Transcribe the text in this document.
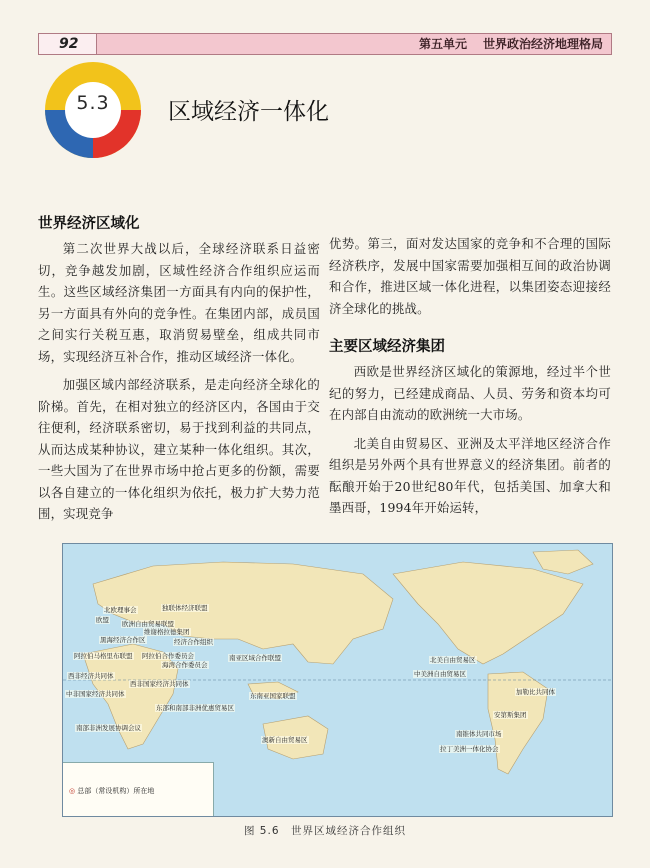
92	第五单元 世界政治经济地理格局
5.3	区域经济一体化
世界经济区域化

第二次世界大战以后，全球经济联系日益密切，竞争越发加剧，区域性经济合作组织应运而生。这些区域经济集团一方面具有内向的保护性，另一方面具有外向的竞争性。在集团内部，成员国之间实行关税互惠，取消贸易壁垒，组成共同市场，实现经济互补合作，推动区域经济一体化。

加强区域内部经济联系，是走向经济全球化的阶梯。首先，在相对独立的经济区内，各国由于交往便利，经济联系密切，易于找到利益的共同点，从而达成某种协议，建立某种一体化组织。其次，一些大国为了在世界市场中抢占更多的份额，需要以各自建立的一体化组织为依托，极力扩大势力范围，实现竞争

优势。第三，面对发达国家的竞争和不合理的国际经济秩序，发展中国家需要加强相互间的政治协调和合作，推进区域一体化进程，以集团姿态迎接经济全球化的挑战。

主要区域经济集团

西欧是世界经济区域化的策源地，经过半个世纪的努力，已经建成商品、人员、劳务和资本均可在内部自由流动的欧洲统一大市场。

北美自由贸易区、亚洲及太平洋地区经济合作组织是另外两个具有世界意义的经济集团。前者的酝酿开始于20世纪80年代，包括美国、加拿大和墨西哥，1994年开始运转，

独联体经济联盟
北欧理事会
欧盟 欧洲自由贸易联盟
维谢格拉德集团
黑海经济合作区	经济合作组织
阿拉伯马格里布联盟 阿拉伯合作委员会
海湾合作委员会
南亚区域合作联盟
西非经济共同体
西非国家经济共同体
中非国家经济共同体	东南亚国家联盟
东部和南部非洲优惠贸易区
南部非洲发展协调会议
澳新自由贸易区
北美自由贸易区
中美洲自由贸易区
加勒比共同体
安第斯集团
南锥体共同市场
拉丁美洲一体化协会
◎ 总部（常设机构）所在地
图 5.6　世界区域经济合作组织
